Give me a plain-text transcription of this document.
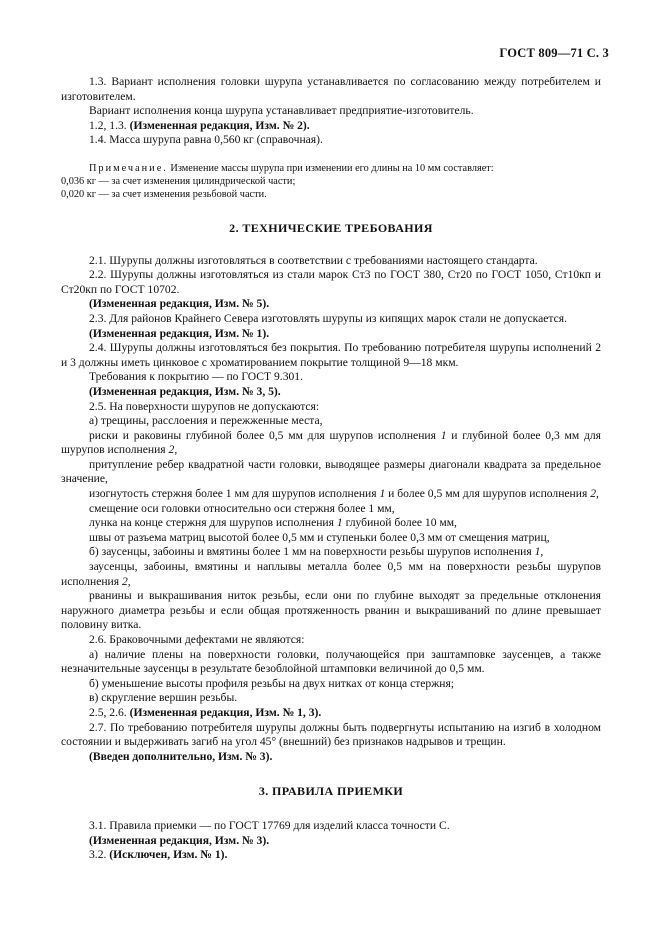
ГОСТ 809—71 С. 3

1.3. Вариант исполнения головки шурупа устанавливается по согласованию между потребителем и изготовителем.

Вариант исполнения конца шурупа устанавливает предприятие-изготовитель.

1.2, 1.3. (Измененная редакция, Изм. № 2).

1.4. Масса шурупа равна 0,560 кг (справочная).

Примечание. Изменение массы шурупа при изменении его длины на 10 мм составляет:

0,036 кг — за счет изменения цилиндрической части;

0,020 кг — за счет изменения резьбовой части.

2. ТЕХНИЧЕСКИЕ ТРЕБОВАНИЯ

2.1. Шурупы должны изготовляться в соответствии с требованиями настоящего стандарта.

2.2. Шурупы должны изготовляться из стали марок Ст3 по ГОСТ 380, Ст20 по ГОСТ 1050, Ст10кп и Ст20кп по ГОСТ 10702.

(Измененная редакция, Изм. № 5).

2.3. Для районов Крайнего Севера изготовлять шурупы из кипящих марок стали не допускается.

(Измененная редакция, Изм. № 1).

2.4. Шурупы должны изготовляться без покрытия. По требованию потребителя шурупы исполнений 2 и 3 должны иметь цинковое с хроматированием покрытие толщиной 9—18 мкм.

Требования к покрытию — по ГОСТ 9.301.

(Измененная редакция, Изм. № 3, 5).

2.5. На поверхности шурупов не допускаются:

а) трещины, расслоения и пережженные места,

риски и раковины глубиной более 0,5 мм для шурупов исполнения 1 и глубиной более 0,3 мм для шурупов исполнения 2,

притупление ребер квадратной части головки, выводящее размеры диагонали квадрата за предельное значение,

изогнутость стержня более 1 мм для шурупов исполнения 1 и более 0,5 мм для шурупов исполнения 2,

смещение оси головки относительно оси стержня более 1 мм,

лунка на конце стержня для шурупов исполнения 1 глубиной более 10 мм,

швы от разъема матриц высотой более 0,5 мм и ступеньки более 0,3 мм от смещения матриц,

б) заусенцы, забоины и вмятины более 1 мм на поверхности резьбы шурупов исполнения 1,

заусенцы, забоины, вмятины и наплывы металла более 0,5 мм на поверхности резьбы шурупов исполнения 2,

рванины и выкрашивания ниток резьбы, если они по глубине выходят за предельные отклонения наружного диаметра резьбы и если общая протяженность рванин и выкрашиваний по длине превышает половину витка.

2.6. Браковочными дефектами не являются:

а) наличие плены на поверхности головки, получающейся при заштамповке заусенцев, а также незначительные заусенцы в результате безоблойной штамповки величиной до 0,5 мм.

б) уменьшение высоты профиля резьбы на двух нитках от конца стержня;

в) скругление вершин резьбы.

2.5, 2.6. (Измененная редакция, Изм. № 1, 3).

2.7. По требованию потребителя шурупы должны быть подвергнуты испытанию на изгиб в холодном состоянии и выдерживать загиб на угол 45° (внешний) без признаков надрывов и трещин.

(Введен дополнительно, Изм. № 3).

3. ПРАВИЛА ПРИЕМКИ

3.1. Правила приемки — по ГОСТ 17769 для изделий класса точности С.

(Измененная редакция, Изм. № 3).

3.2. (Исключен, Изм. № 1).
